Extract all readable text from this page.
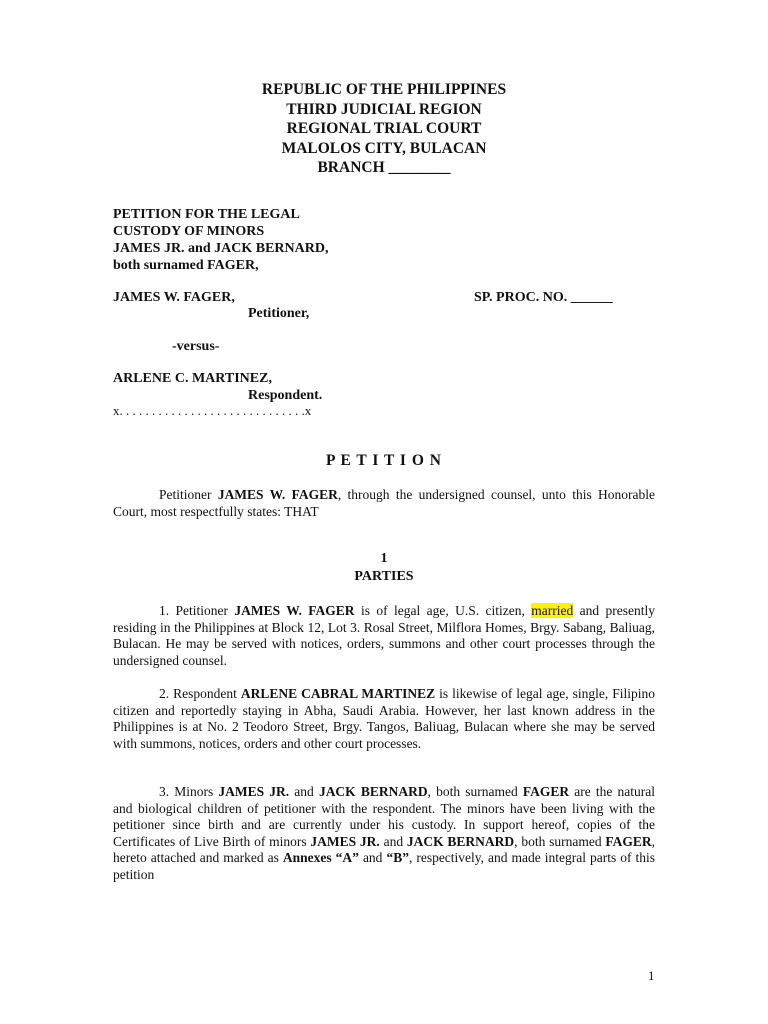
REPUBLIC OF THE PHILIPPINES
THIRD JUDICIAL REGION
REGIONAL TRIAL COURT
MALOLOS CITY, BULACAN
BRANCH ________
PETITION FOR THE LEGAL
CUSTODY OF MINORS
JAMES JR. and JACK BERNARD,
both surnamed FAGER,
JAMES W. FAGER,	SP. PROC. NO. ______
Petitioner,
-versus-
ARLENE C. MARTINEZ,
Respondent.
x. . . . . . . . . . . . . . . . . . . . . . . . . . . . .x
P E T I T I O N
Petitioner JAMES W. FAGER, through the undersigned counsel, unto this Honorable Court, most respectfully states: THAT
1
PARTIES
1. Petitioner JAMES W. FAGER is of legal age, U.S. citizen, married and presently residing in the Philippines at Block 12, Lot 3. Rosal Street, Milflora Homes, Brgy. Sabang, Baliuag, Bulacan. He may be served with notices, orders, summons and other court processes through the undersigned counsel.
2. Respondent ARLENE CABRAL MARTINEZ is likewise of legal age, single, Filipino citizen and reportedly staying in Abha, Saudi Arabia. However, her last known address in the Philippines is at No. 2 Teodoro Street, Brgy. Tangos, Baliuag, Bulacan where she may be served with summons, notices, orders and other court processes.
3. Minors JAMES JR. and JACK BERNARD, both surnamed FAGER are the natural and biological children of petitioner with the respondent. The minors have been living with the petitioner since birth and are currently under his custody. In support hereof, copies of the Certificates of Live Birth of minors JAMES JR. and JACK BERNARD, both surnamed FAGER, hereto attached and marked as Annexes “A” and “B”, respectively, and made integral parts of this petition
1
